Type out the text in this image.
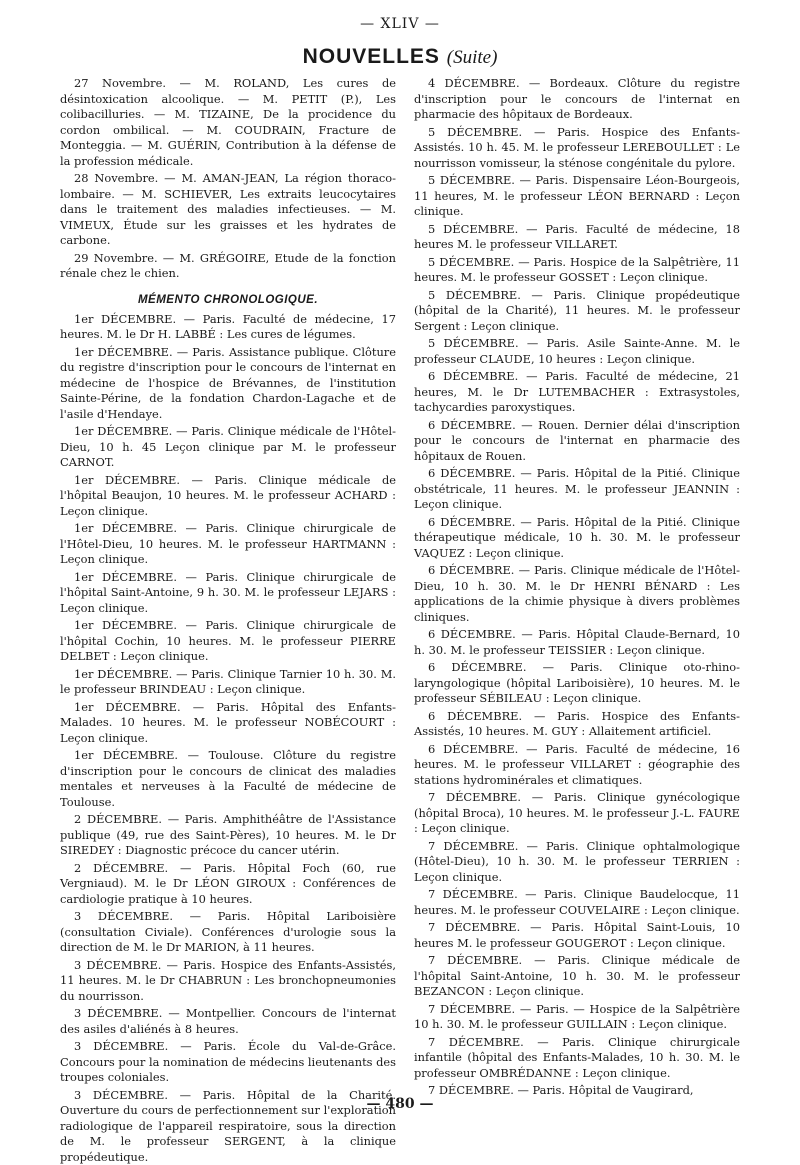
— XLIV —
NOUVELLES (Suite)

27 Novembre. — M. ROLAND, Les cures de désintoxication alcoolique. — M. PETIT (P.), Les colibacilluries. — M. TIZAINE, De la procidence du cordon ombilical. — M. COUDRAIN, Fracture de Monteggia. — M. GUÉRIN, Contribution à la défense de la profession médicale.

28 Novembre. — M. AMAN-JEAN, La région thoraco-lombaire. — M. SCHIEVER, Les extraits leucocytaires dans le traitement des maladies infectieuses. — M. VIMEUX, Étude sur les graisses et les hydrates de carbone.

29 Novembre. — M. GRÉGOIRE, Etude de la fonction rénale chez le chien.

MÉMENTO CHRONOLOGIQUE.

1er DÉCEMBRE. — Paris. Faculté de médecine, 17 heures. M. le Dr H. LABBÉ : Les cures de légumes.

1er DÉCEMBRE. — Paris. Assistance publique. Clôture du registre d'inscription pour le concours de l'internat en médecine de l'hospice de Brévannes, de l'institution Sainte-Périne, de la fondation Chardon-Lagache et de l'asile d'Hendaye.

1er DÉCEMBRE. — Paris. Clinique médicale de l'Hôtel-Dieu, 10 h. 45 Leçon clinique par M. le professeur CARNOT.

1er DÉCEMBRE. — Paris. Clinique médicale de l'hôpital Beaujon, 10 heures. M. le professeur ACHARD : Leçon clinique.

1er DÉCEMBRE. — Paris. Clinique chirurgicale de l'Hôtel-Dieu, 10 heures. M. le professeur HARTMANN : Leçon clinique.

1er DÉCEMBRE. — Paris. Clinique chirurgicale de l'hôpital Saint-Antoine, 9 h. 30. M. le professeur LEJARS : Leçon clinique.

1er DÉCEMBRE. — Paris. Clinique chirurgicale de l'hôpital Cochin, 10 heures. M. le professeur PIERRE DELBET : Leçon clinique.

1er DÉCEMBRE. — Paris. Clinique Tarnier 10 h. 30. M. le professeur BRINDEAU : Leçon clinique.

1er DÉCEMBRE. — Paris. Hôpital des Enfants-Malades. 10 heures. M. le professeur NOBÉCOURT : Leçon clinique.

1er DÉCEMBRE. — Toulouse. Clôture du registre d'inscription pour le concours de clinicat des maladies mentales et nerveuses à la Faculté de médecine de Toulouse.

2 DÉCEMBRE. — Paris. Amphithéâtre de l'Assistance publique (49, rue des Saint-Pères), 10 heures. M. le Dr SIREDEY : Diagnostic précoce du cancer utérin.

2 DÉCEMBRE. — Paris. Hôpital Foch (60, rue Vergniaud). M. le Dr LÉON GIROUX : Conférences de cardiologie pratique à 10 heures.

3 DÉCEMBRE. — Paris. Hôpital Lariboisière (consultation Civiale). Conférences d'urologie sous la direction de M. le Dr MARION, à 11 heures.

3 DÉCEMBRE. — Paris. Hospice des Enfants-Assistés, 11 heures. M. le Dr CHABRUN : Les bronchopneumonies du nourrisson.

3 DÉCEMBRE. — Montpellier. Concours de l'internat des asiles d'aliénés à 8 heures.

3 DÉCEMBRE. — Paris. École du Val-de-Grâce. Concours pour la nomination de médecins lieutenants des troupes coloniales.

3 DÉCEMBRE. — Paris. Hôpital de la Charité. Ouverture du cours de perfectionnement sur l'exploration radiologique de l'appareil respiratoire, sous la direction de M. le professeur SERGENT, à la clinique propédeutique.

4 DÉCEMBRE. — Bordeaux. Clôture du registre d'inscription pour le concours de l'internat en pharmacie des hôpitaux de Bordeaux.

5 DÉCEMBRE. — Paris. Hospice des Enfants-Assistés. 10 h. 45. M. le professeur LEREBOULLET : Le nourrisson vomisseur, la sténose congénitale du pylore.

5 DÉCEMBRE. — Paris. Dispensaire Léon-Bourgeois, 11 heures, M. le professeur LÉON BERNARD : Leçon clinique.

5 DÉCEMBRE. — Paris. Faculté de médecine, 18 heures M. le professeur VILLARET.

5 DÉCEMBRE. — Paris. Hospice de la Salpêtrière, 11 heures. M. le professeur GOSSET : Leçon clinique.

5 DÉCEMBRE. — Paris. Clinique propédeutique (hôpital de la Charité), 11 heures. M. le professeur Sergent : Leçon clinique.

5 DÉCEMBRE. — Paris. Asile Sainte-Anne. M. le professeur CLAUDE, 10 heures : Leçon clinique.

6 DÉCEMBRE. — Paris. Faculté de médecine, 21 heures, M. le Dr LUTEMBACHER : Extrasystoles, tachycardies paroxystiques.

6 DÉCEMBRE. — Rouen. Dernier délai d'inscription pour le concours de l'internat en pharmacie des hôpitaux de Rouen.

6 DÉCEMBRE. — Paris. Hôpital de la Pitié. Clinique obstétricale, 11 heures. M. le professeur JEANNIN : Leçon clinique.

6 DÉCEMBRE. — Paris. Hôpital de la Pitié. Clinique thérapeutique médicale, 10 h. 30. M. le professeur VAQUEZ : Leçon clinique.

6 DÉCEMBRE. — Paris. Clinique médicale de l'Hôtel-Dieu, 10 h. 30. M. le Dr HENRI BÉNARD : Les applications de la chimie physique à divers problèmes cliniques.

6 DÉCEMBRE. — Paris. Hôpital Claude-Bernard, 10 h. 30. M. le professeur TEISSIER : Leçon clinique.

6 DÉCEMBRE. — Paris. Clinique oto-rhino-laryngologique (hôpital Lariboisière), 10 heures. M. le professeur SÉBILEAU : Leçon clinique.

6 DÉCEMBRE. — Paris. Hospice des Enfants-Assistés, 10 heures. M. GUY : Allaitement artificiel.

6 DÉCEMBRE. — Paris. Faculté de médecine, 16 heures. M. le professeur VILLARET : géographie des stations hydrominérales et climatiques.

7 DÉCEMBRE. — Paris. Clinique gynécologique (hôpital Broca), 10 heures. M. le professeur J.-L. FAURE : Leçon clinique.

7 DÉCEMBRE. — Paris. Clinique ophtalmologique (Hôtel-Dieu), 10 h. 30. M. le professeur TERRIEN : Leçon clinique.

7 DÉCEMBRE. — Paris. Clinique Baudelocque, 11 heures. M. le professeur COUVELAIRE : Leçon clinique.

7 DÉCEMBRE. — Paris. Hôpital Saint-Louis, 10 heures M. le professeur GOUGEROT : Leçon clinique.

7 DÉCEMBRE. — Paris. Clinique médicale de l'hôpital Saint-Antoine, 10 h. 30. M. le professeur BEZANCON : Leçon clinique.

7 DÉCEMBRE. — Paris. — Hospice de la Salpêtrière 10 h. 30. M. le professeur GUILLAIN : Leçon clinique.

7 DÉCEMBRE. — Paris. Clinique chirurgicale infantile (hôpital des Enfants-Malades, 10 h. 30. M. le professeur OMBRÉDANNE : Leçon clinique.

7 DÉCEMBRE. — Paris. Hôpital de Vaugirard,

— 480 —
